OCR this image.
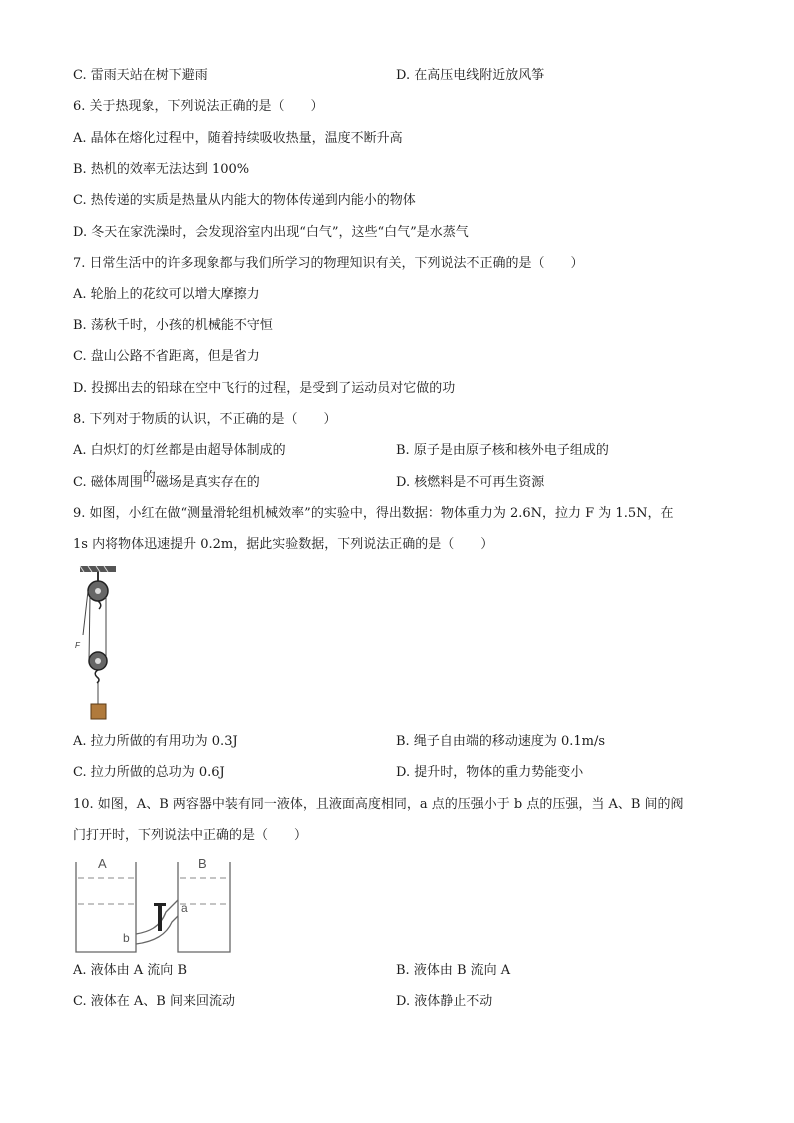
C. 雷雨天站在树下避雨	D. 在高压电线附近放风筝
6. 关于热现象，下列说法正确的是（　　）
A. 晶体在熔化过程中，随着持续吸收热量，温度不断升高
B. 热机的效率无法达到 100%
C. 热传递的实质是热量从内能大的物体传递到内能小的物体
D. 冬天在家洗澡时，会发现浴室内出现“白气”，这些“白气”是水蒸气
7. 日常生活中的许多现象都与我们所学习的物理知识有关，下列说法不正确的是（　　）
A. 轮胎上的花纹可以增大摩擦力
B. 荡秋千时，小孩的机械能不守恒
C. 盘山公路不省距离，但是省力
D. 投掷出去的铅球在空中飞行的过程，是受到了运动员对它做的功
8. 下列对于物质的认识，不正确的是（　　）
A. 白炽灯的灯丝都是由超导体制成的	B. 原子是由原子核和核外电子组成的
C. 磁体周围的磁场是真实存在的	D. 核燃料是不可再生资源
9. 如图，小红在做“测量滑轮组机械效率”的实验中，得出数据：物体重力为 2.6N，拉力 F 为 1.5N，在
1s 内将物体迅速提升 0.2m，据此实验数据，下列说法正确的是（　　）
F
A. 拉力所做的有用功为 0.3J	B. 绳子自由端的移动速度为 0.1m/s
C. 拉力所做的总功为 0.6J	D. 提升时，物体的重力势能变小
10. 如图，A、B 两容器中装有同一液体，且液面高度相同，a 点的压强小于 b 点的压强，当 A、B 间的阀
门打开时，下列说法中正确的是（　　）
A	B
a
b
A. 液体由 A 流向 B	B. 液体由 B 流向 A
C. 液体在 A、B 间来回流动	D. 液体静止不动
